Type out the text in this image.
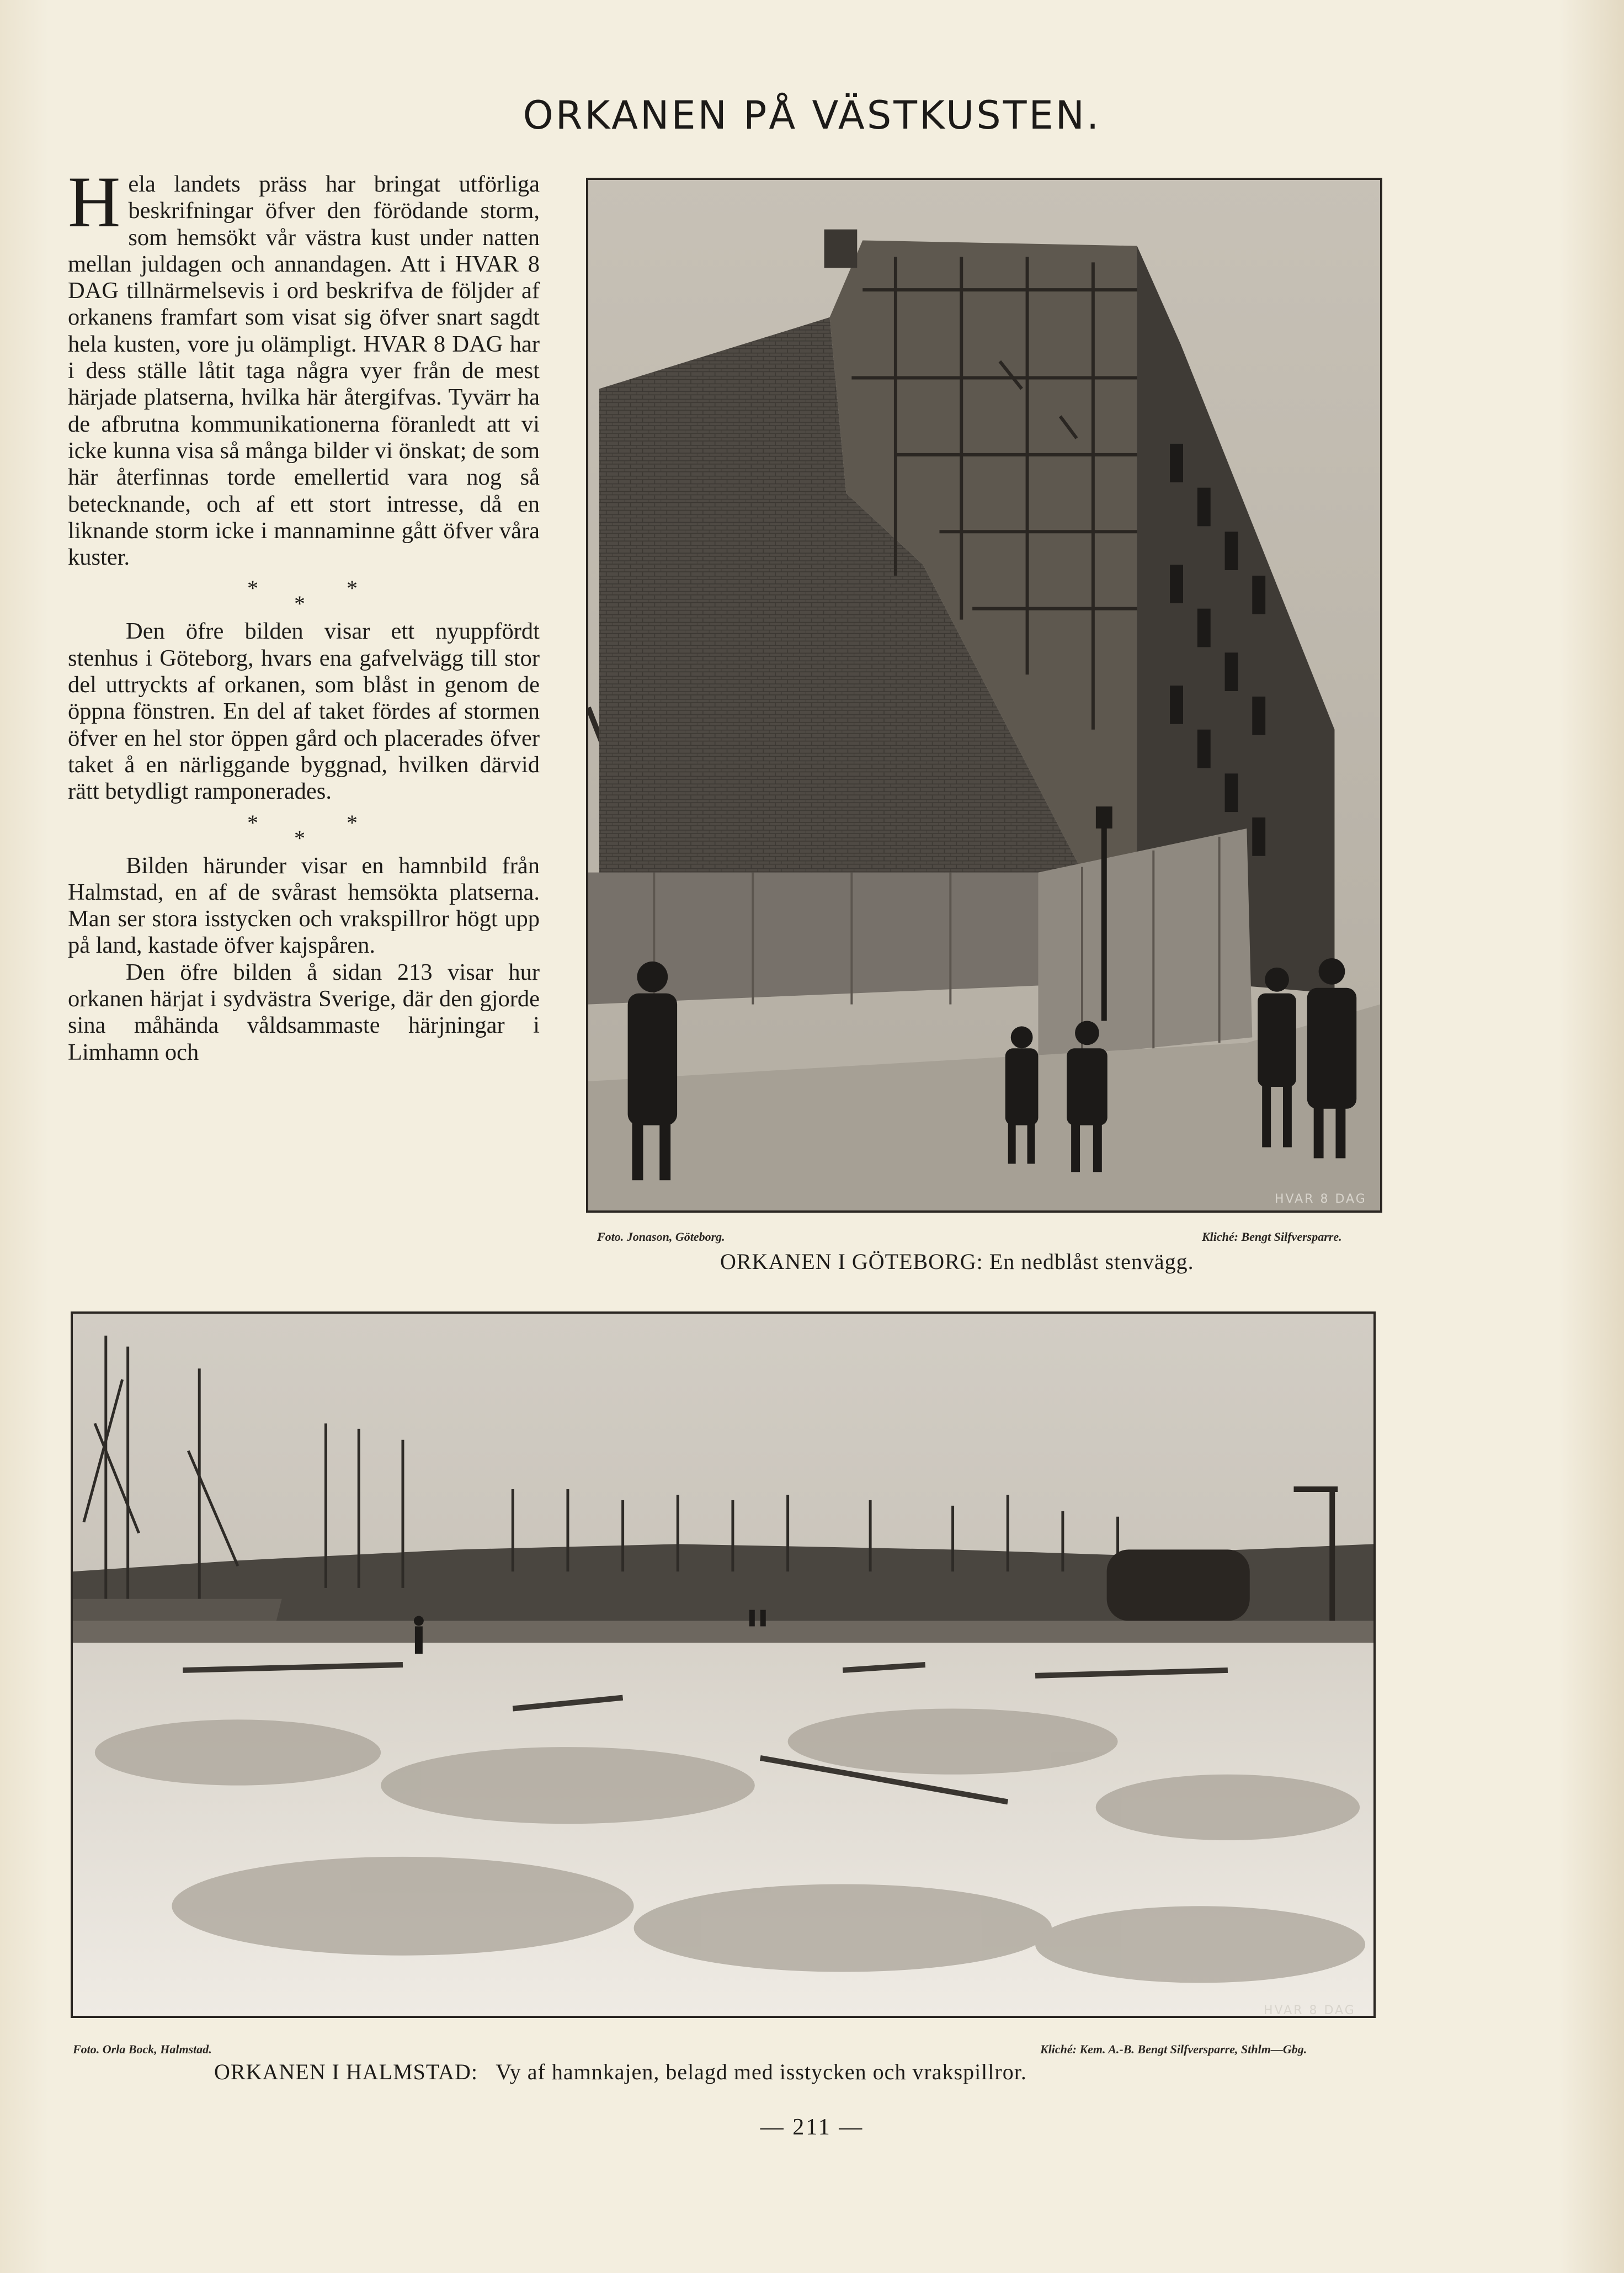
ORKANEN PÅ VÄSTKUSTEN.

Hela landets präss har bringat utförliga beskrifningar öfver den förödande storm, som hemsökt vår västra kust under natten mellan juldagen och annandagen. Att i HVAR 8 DAG tillnärmelsevis i ord beskrifva de följder af orkanens framfart som visat sig öfver snart sagdt hela kusten, vore ju olämpligt. HVAR 8 DAG har i dess ställe låtit taga några vyer från de mest härjade platserna, hvilka här återgifvas. Tyvärr ha de afbrutna kommunikationerna föranledt att vi icke kunna visa så många bilder vi önskat; de som här återfinnas torde emellertid vara nog så betecknande, och af ett stort intresse, då en liknande storm icke i mannaminne gått öfver våra kuster.

*
*
*

Den öfre bilden visar ett nyuppfördt stenhus i Göteborg, hvars ena gafvelvägg till stor del uttryckts af orkanen, som blåst in genom de öppna fönstren. En del af taket fördes af stormen öfver en hel stor öppen gård och placerades öfver taket å en närliggande byggnad, hvilken därvid rätt betydligt ramponerades.

*
*
*

Bilden härunder visar en hamnbild från Halmstad, en af de svårast hemsökta platserna. Man ser stora isstycken och vrakspillror högt upp på land, kastade öfver kajspåren.

Den öfre bilden å sidan 213 visar hur orkanen härjat i sydvästra Sverige, där den gjorde sina måhända våldsammaste härjningar i Limhamn och

HVAR 8 DAG
Foto. Jonason, Göteborg.	Kliché: Bengt Silfversparre.
ORKANEN I GÖTEBORG: En nedblåst stenvägg.
HVAR 8 DAG
Foto. Orla Bock, Halmstad.	Kliché: Kem. A.-B. Bengt Silfversparre, Sthlm—Gbg.
ORKANEN I HALMSTAD: Vy af hamnkajen, belagd med isstycken och vrakspillror.
— 211 —
